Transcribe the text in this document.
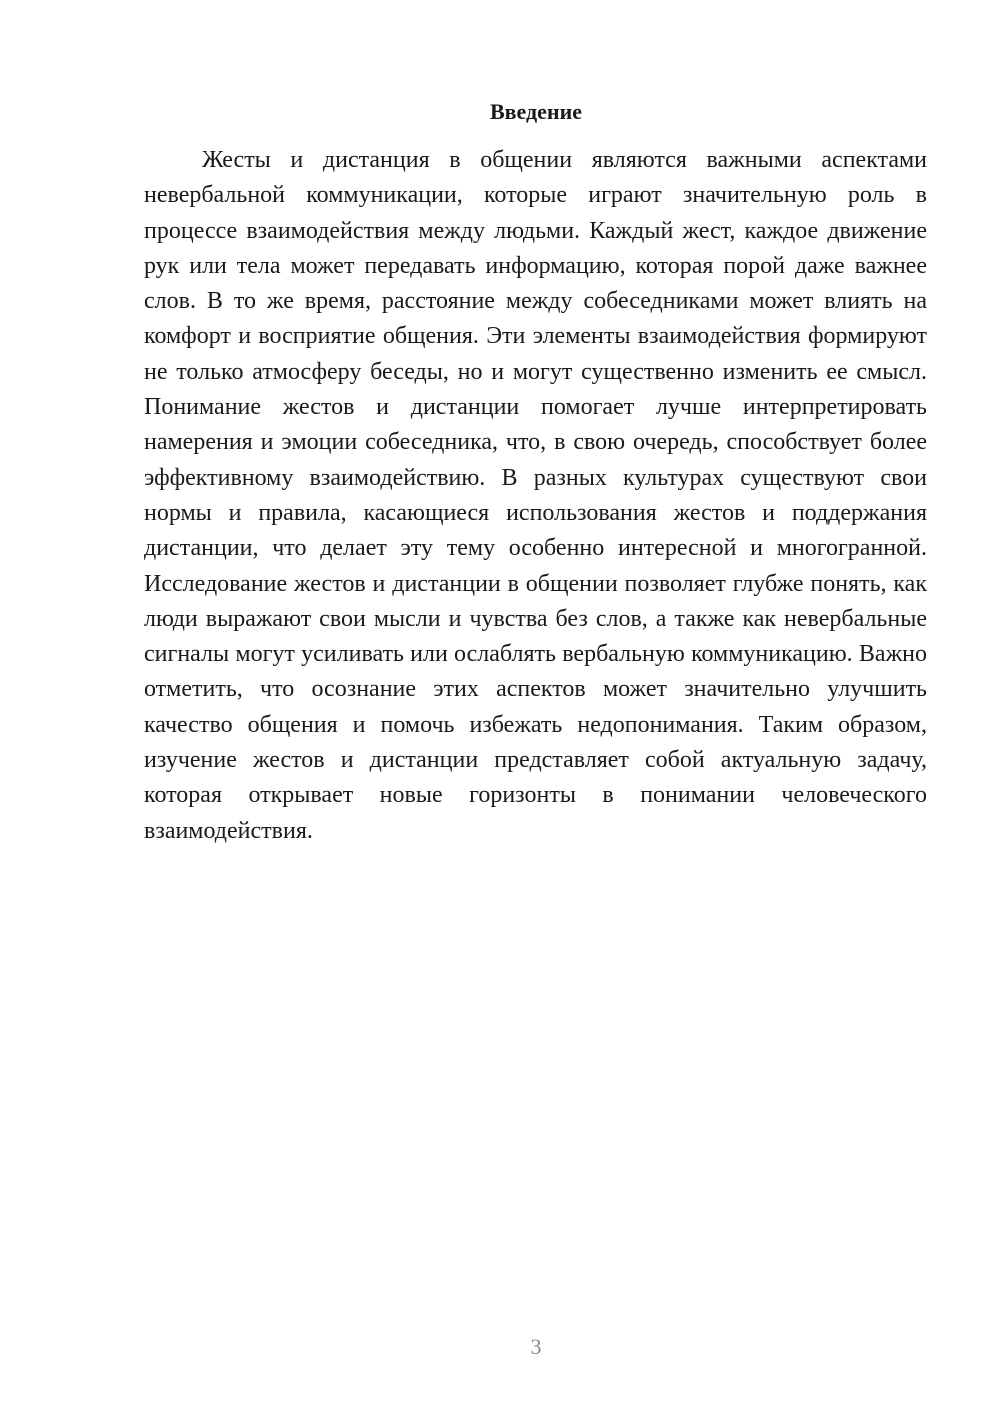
Введение

Жесты и дистанция в общении являются важными аспектами невербальной коммуникации, которые играют значительную роль в процессе взаимодействия между людьми. Каждый жест, каждое движение рук или тела может передавать информацию, которая порой даже важнее слов. В то же время, расстояние между собеседниками может влиять на комфорт и восприятие общения. Эти элементы взаимодействия формируют не только атмосферу беседы, но и могут существенно изменить ее смысл. Понимание жестов и дистанции помогает лучше интерпретировать намерения и эмоции собеседника, что, в свою очередь, способствует более эффективному взаимодействию. В разных культурах существуют свои нормы и правила, касающиеся использования жестов и поддержания дистанции, что делает эту тему особенно интересной и многогранной. Исследование жестов и дистанции в общении позволяет глубже понять, как люди выражают свои мысли и чувства без слов, а также как невербальные сигналы могут усиливать или ослаблять вербальную коммуникацию. Важно отметить, что осознание этих аспектов может значительно улучшить качество общения и помочь избежать недопонимания. Таким образом, изучение жестов и дистанции представляет собой актуальную задачу, которая открывает новые горизонты в понимании человеческого взаимодействия.

3
